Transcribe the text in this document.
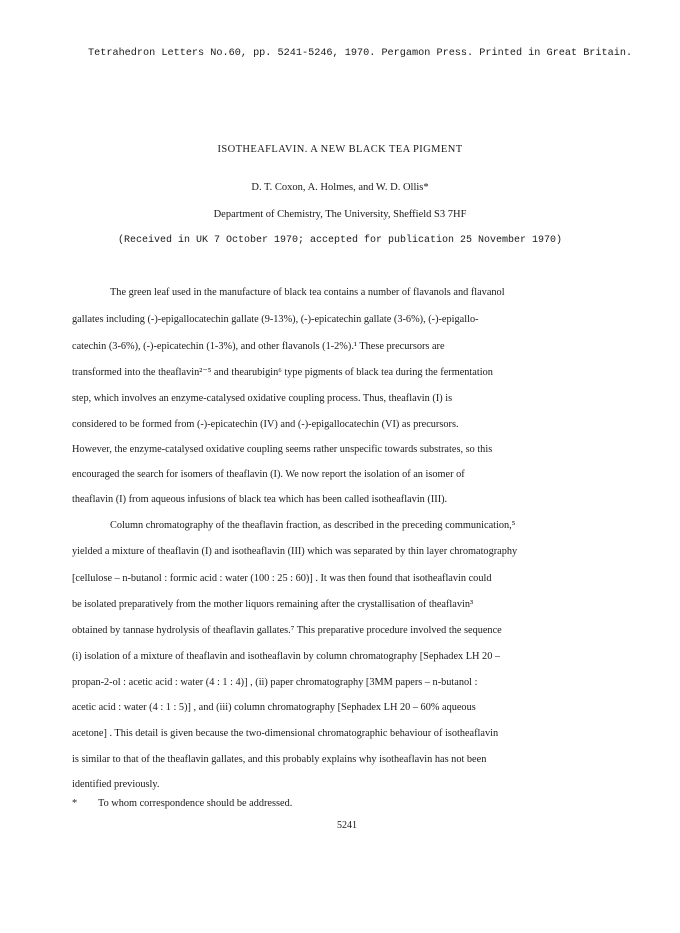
Tetrahedron Letters No.60, pp. 5241-5246, 1970. Pergamon Press. Printed in Great Britain.
ISOTHEAFLAVIN. A NEW BLACK TEA PIGMENT
D. T. Coxon, A. Holmes, and W. D. Ollis*
Department of Chemistry, The University, Sheffield S3 7HF
(Received in UK 7 October 1970; accepted for publication 25 November 1970)
The green leaf used in the manufacture of black tea contains a number of flavanols and flavanol
gallates including (-)-epigallocatechin gallate (9-13%), (-)-epicatechin gallate (3-6%), (-)-epigallo-
catechin (3-6%), (-)-epicatechin (1-3%), and other flavanols (1-2%).¹ These precursors are
transformed into the theaflavin²⁻⁵ and thearubigin⁶ type pigments of black tea during the fermentation
step, which involves an enzyme-catalysed oxidative coupling process. Thus, theaflavin (I) is
considered to be formed from (-)-epicatechin (IV) and (-)-epigallocatechin (VI) as precursors.
However, the enzyme-catalysed oxidative coupling seems rather unspecific towards substrates, so this
encouraged the search for isomers of theaflavin (I). We now report the isolation of an isomer of
theaflavin (I) from aqueous infusions of black tea which has been called isotheaflavin (III).
Column chromatography of the theaflavin fraction, as described in the preceding communication,⁵
yielded a mixture of theaflavin (I) and isotheaflavin (III) which was separated by thin layer chromatography
[cellulose – n-butanol : formic acid : water (100 : 25 : 60)] . It was then found that isotheaflavin could
be isolated preparatively from the mother liquors remaining after the crystallisation of theaflavin³
obtained by tannase hydrolysis of theaflavin gallates.⁷ This preparative procedure involved the sequence
(i) isolation of a mixture of theaflavin and isotheaflavin by column chromatography [Sephadex LH 20 –
propan-2-ol : acetic acid : water (4 : 1 : 4)] , (ii) paper chromatography [3MM papers – n-butanol :
acetic acid : water (4 : 1 : 5)] , and (iii) column chromatography [Sephadex LH 20 – 60% aqueous
acetone] . This detail is given because the two-dimensional chromatographic behaviour of isotheaflavin
is similar to that of the theaflavin gallates, and this probably explains why isotheaflavin has not been
identified previously.
* To whom correspondence should be addressed.
5241
